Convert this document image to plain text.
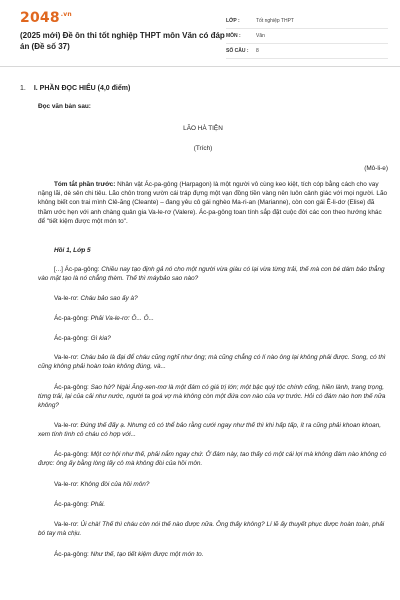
$2048^{.vn}$
(2025 mới) Đề ôn thi tốt nghiệp THPT môn Văn có đáp án (Đề số 37)
LỚP :	Tốt nghiệp THPT
MÔN :	Văn
SỐ CÂU :	8
1. I. PHẦN ĐỌC HIỂU (4,0 điểm)

Đọc văn bản sau:

LÃO HÀ TIỆN

(Trích)

(Mô-li-e)

Tóm tắt phần trước: Nhân vật Ác-pa-gông (Harpagon) là một người vô cùng keo kiệt, tích cóp bằng cách cho vay nặng lãi, dè sẻn chi tiêu. Lão chôn trong vườn cái tráp đựng một vạn đồng tiền vàng nên luôn cảnh giác với mọi người. Lão không biết con trai mình Clê-ăng (Cleante) – đang yêu cô gái nghèo Ma-ri-an (Marianne), còn con gái Ê-li-dơ (Elise) đã thầm ước hẹn với anh chàng quản gia Va-le-rơ (Valere). Ác-pa-gông toan tính sắp đặt cuộc đời các con theo hướng khác để "tiết kiệm được một món to".

Hồi 1, Lớp 5

[...] Ác-pa-gông: Chiều nay tạo định gả nó cho một người vừa giàu có lại vừa từng trải, thế mà con bé dám bảo thẳng vào mặt tạo là nó chẳng thèm. Thế thì máybảo sao nào?

Va-le-rơ: Cháu bảo sao ấy à?

Ác-pa-gông: Phải Va-le-rơ: Ô... Ô...

Ác-pa-gông: Gì kia?

Va-le-rơ: Cháu bảo là đại để cháu cũng nghĩ như ông; mà cũng chẳng có lí nào ông lại không phải được. Song, có thì cũng không phải hoàn toàn không đúng, và...

Ác-pa-gông: Sao hử? Ngài Ăng-xen-mơ là một đám có giá trị lớn; một bậc quý tộc chính cống, hiền lành, trang trọng, từng trải, lại của cải như nước, người ta goá vợ mà không còn một đứa con nào của vợ trước. Hỏi có đám nào hơn thế nữa không?

Va-le-rơ: Đúng thế đấy ạ. Nhưng cô có thể bảo rằng cưới ngay như thế thì khi hấp tấp, ít ra cũng phải khoan khoan, xem tính tình cô cháu có hợp với...

Ác-pa-gông: Một cơ hội như thế, phải nắm ngay chứ. Ở đám này, tao thấy có một cái lợi mà không đám nào không có được: ông ấy bằng lòng lấy cô mà không đòi của hồi môn.

Va-le-rơ: Không đòi của hồi môn?

Ác-pa-gông: Phải.

Va-le-rơ: Ủi chà! Thế thì cháu còn nói thế nào được nữa. Ông thấy không? Lí lẽ ấy thuyết phục được hoàn toàn, phải bó tay mà chịu.

Ác-pa-gông: Như thế, tạo tiết kiệm được một món to.
